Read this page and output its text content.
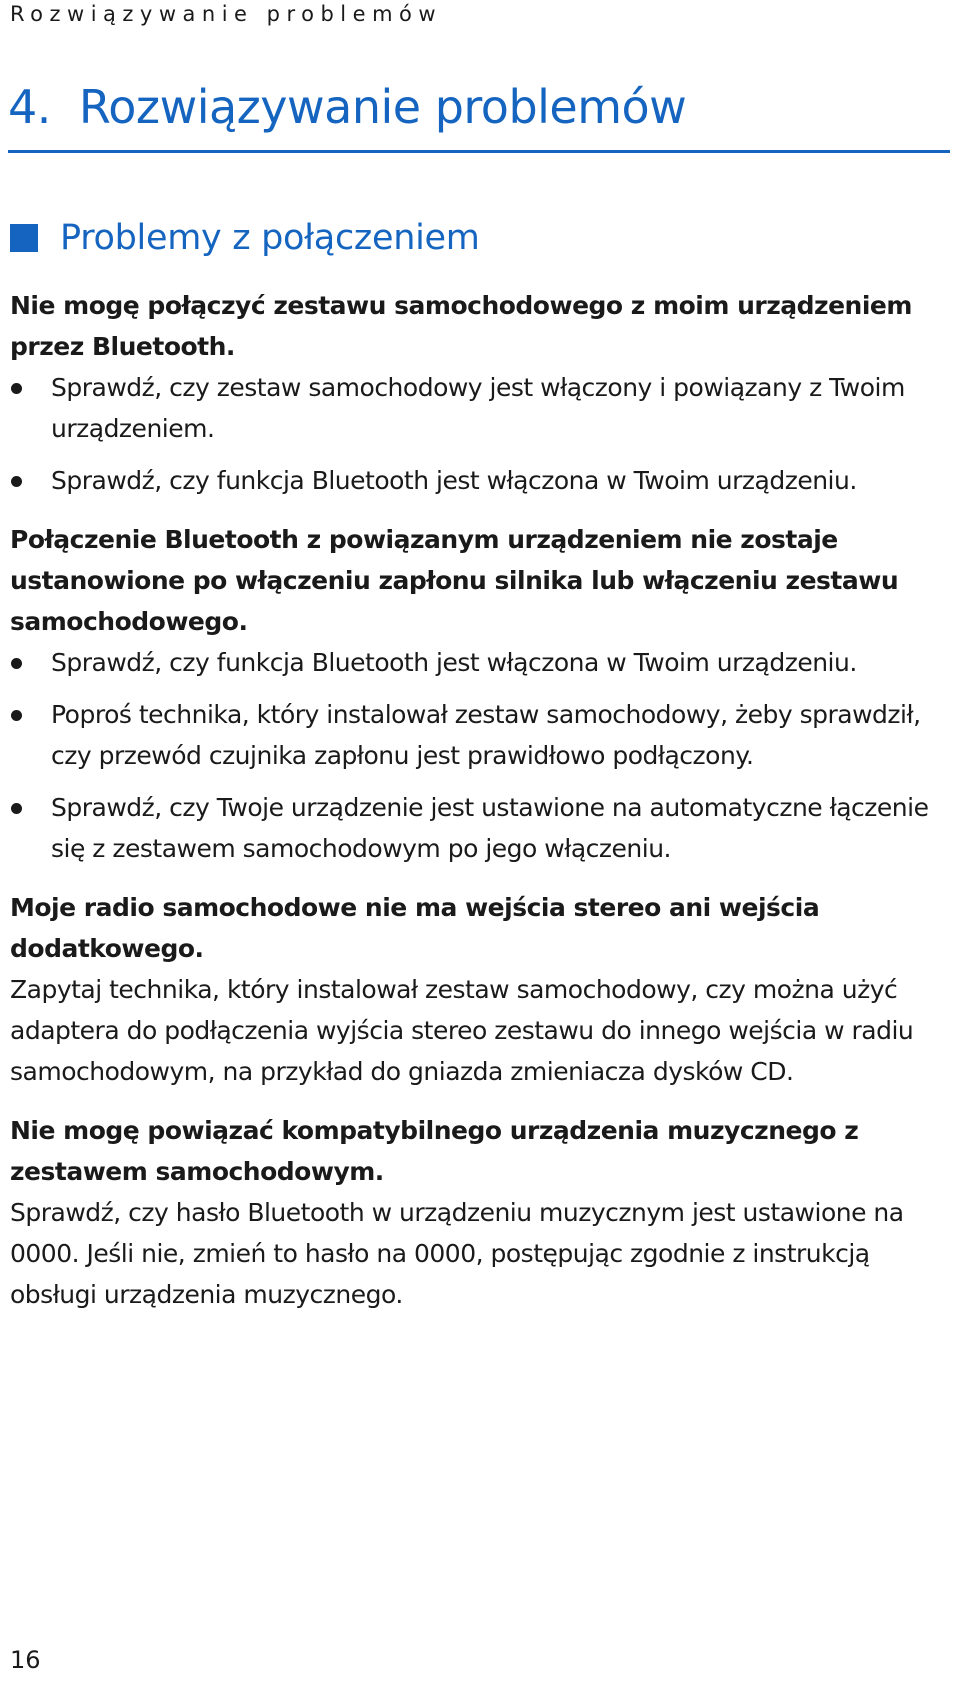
Rozwiązywanie problemów
4. Rozwiązywanie problemów
Problemy z połączeniem

Nie mogę połączyć zestawu samochodowego z moim urządzeniem przez Bluetooth.

Sprawdź, czy zestaw samochodowy jest włączony i powiązany z Twoim urządzeniem.
Sprawdź, czy funkcja Bluetooth jest włączona w Twoim urządzeniu.

Połączenie Bluetooth z powiązanym urządzeniem nie zostaje ustanowione po włączeniu zapłonu silnika lub włączeniu zestawu samochodowego.

Sprawdź, czy funkcja Bluetooth jest włączona w Twoim urządzeniu.
Poproś technika, który instalował zestaw samochodowy, żeby sprawdził, czy przewód czujnika zapłonu jest prawidłowo podłączony.
Sprawdź, czy Twoje urządzenie jest ustawione na automatyczne łączenie się z zestawem samochodowym po jego włączeniu.

Moje radio samochodowe nie ma wejścia stereo ani wejścia dodatkowego.

Zapytaj technika, który instalował zestaw samochodowy, czy można użyć adaptera do podłączenia wyjścia stereo zestawu do innego wejścia w radiu samochodowym, na przykład do gniazda zmieniacza dysków CD.

Nie mogę powiązać kompatybilnego urządzenia muzycznego z zestawem samochodowym.

Sprawdź, czy hasło Bluetooth w urządzeniu muzycznym jest ustawione na 0000. Jeśli nie, zmień to hasło na 0000, postępując zgodnie z instrukcją obsługi urządzenia muzycznego.

16
